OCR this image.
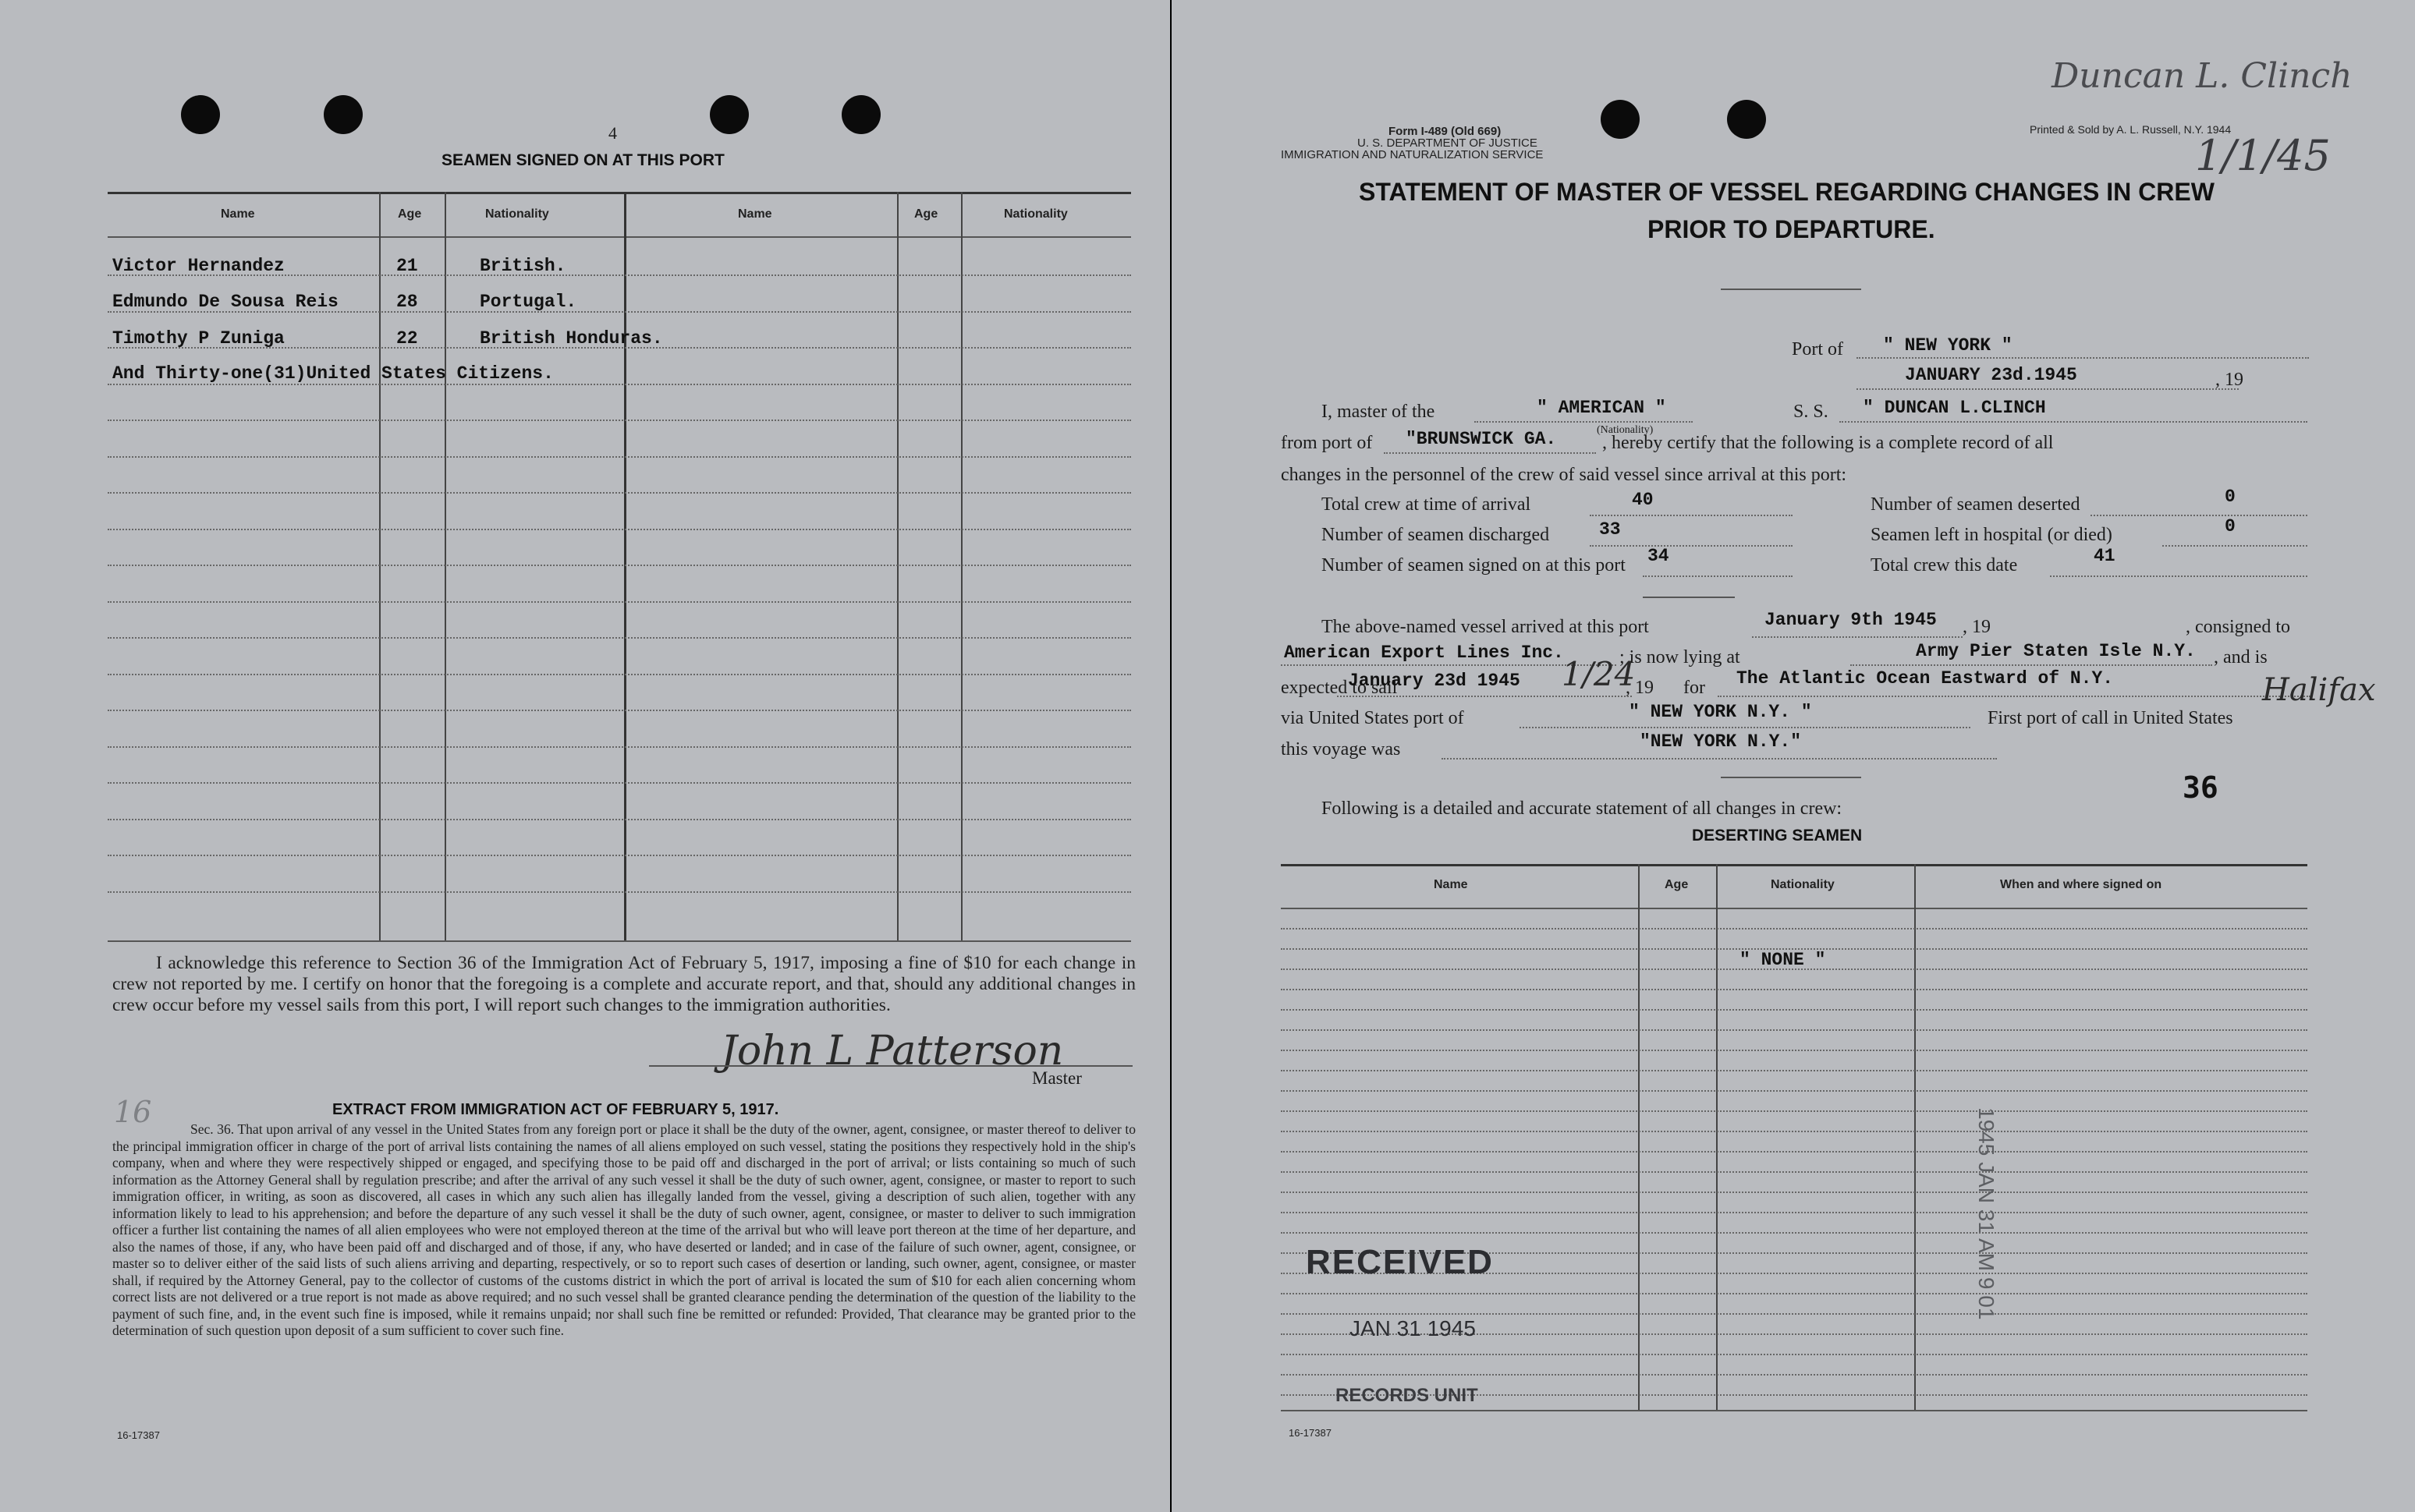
4
SEAMEN SIGNED ON AT THIS PORT
Name	Age	Nationality	Name	Age	Nationality
Victor Hernandez	21	British.
Edmundo De Sousa Reis	28	Portugal.
Timothy P Zuniga	22	British Honduras.
And Thirty-one(31)United States Citizens.
I acknowledge this reference to Section 36 of the Immigration Act of February 5, 1917, imposing a fine of $10 for each change in crew not reported by me. I certify on honor that the foregoing is a complete and accurate report, and that, should any additional changes in crew occur before my vessel sails from this port, I will report such changes to the immigration authorities.
John L Patterson
Master
16	EXTRACT FROM IMMIGRATION ACT OF FEBRUARY 5, 1917.
Sec. 36. That upon arrival of any vessel in the United States from any foreign port or place it shall be the duty of the owner, agent, consignee, or master thereof to deliver to the principal immigration officer in charge of the port of arrival lists containing the names of all aliens employed on such vessel, stating the positions they respectively hold in the ship's company, when and where they were respectively shipped or engaged, and specifying those to be paid off and discharged in the port of arrival; or lists containing so much of such information as the Attorney General shall by regulation prescribe; and after the arrival of any such vessel it shall be the duty of such owner, agent, consignee, or master to report to such immigration officer, in writing, as soon as discovered, all cases in which any such alien has illegally landed from the vessel, giving a description of such alien, together with any information likely to lead to his apprehension; and before the departure of any such vessel it shall be the duty of such owner, agent, consignee, or master to deliver to such immigration officer a further list containing the names of all alien employees who were not employed thereon at the time of the arrival but who will leave port thereon at the time of her departure, and also the names of those, if any, who have been paid off and discharged and of those, if any, who have deserted or landed; and in case of the failure of such owner, agent, consignee, or master so to deliver either of the said lists of such aliens arriving and departing, respectively, or so to report such cases of desertion or landing, such owner, agent, consignee, or master shall, if required by the Attorney General, pay to the collector of customs of the customs district in which the port of arrival is located the sum of $10 for each alien concerning whom correct lists are not delivered or a true report is not made as above required; and no such vessel shall be granted clearance pending the determination of the question of the liability to the payment of such fine, and, in the event such fine is imposed, while it remains unpaid; nor shall such fine be remitted or refunded: Provided, That clearance may be granted prior to the determination of such question upon deposit of a sum sufficient to cover such fine.
16-17387
Form I-489 (Old 669)
U. S. DEPARTMENT OF JUSTICE
IMMIGRATION AND NATURALIZATION SERVICE
Printed & Sold by A. L. Russell, N.Y. 1944
Duncan L. Clinch
1/1/45
STATEMENT OF MASTER OF VESSEL REGARDING CHANGES IN CREW
PRIOR TO DEPARTURE.
Port of " NEW YORK "
JANUARY 23d.1945	, 19
I, master of the	" AMERICAN "
(Nationality)
S. S. " DUNCAN L.CLINCH
from port of "BRUNSWICK GA. , hereby certify that the following is a complete record of all
changes in the personnel of the crew of said vessel since arrival at this port:
Total crew at time of arrival	40	Number of seamen deserted	0
Number of seamen discharged	33	Seamen left in hospital (or died)	0
Number of seamen signed on at this port 34	Total crew this date	41
The above-named vessel arrived at this port	January 9th 1945 , 19	, consigned to
American Export Lines Inc.	; is now lying at	Army Pier Staten Isle N.Y. , and is
expected to sail
January 23d 1945 1/24
, 19 for The Atlantic Ocean Eastward of N.Y.	Halifax
via United States port of	" NEW YORK N.Y. "	First port of call in United States
this voyage was	"NEW YORK N.Y."
Following is a detailed and accurate statement of all changes in crew:
36
DESERTING SEAMEN
Name	Age	Nationality	When and where signed on
" NONE "
RECEIVED
JAN 31 1945
RECORDS UNIT
1945 JAN 31 AM 9 01
16-17387
